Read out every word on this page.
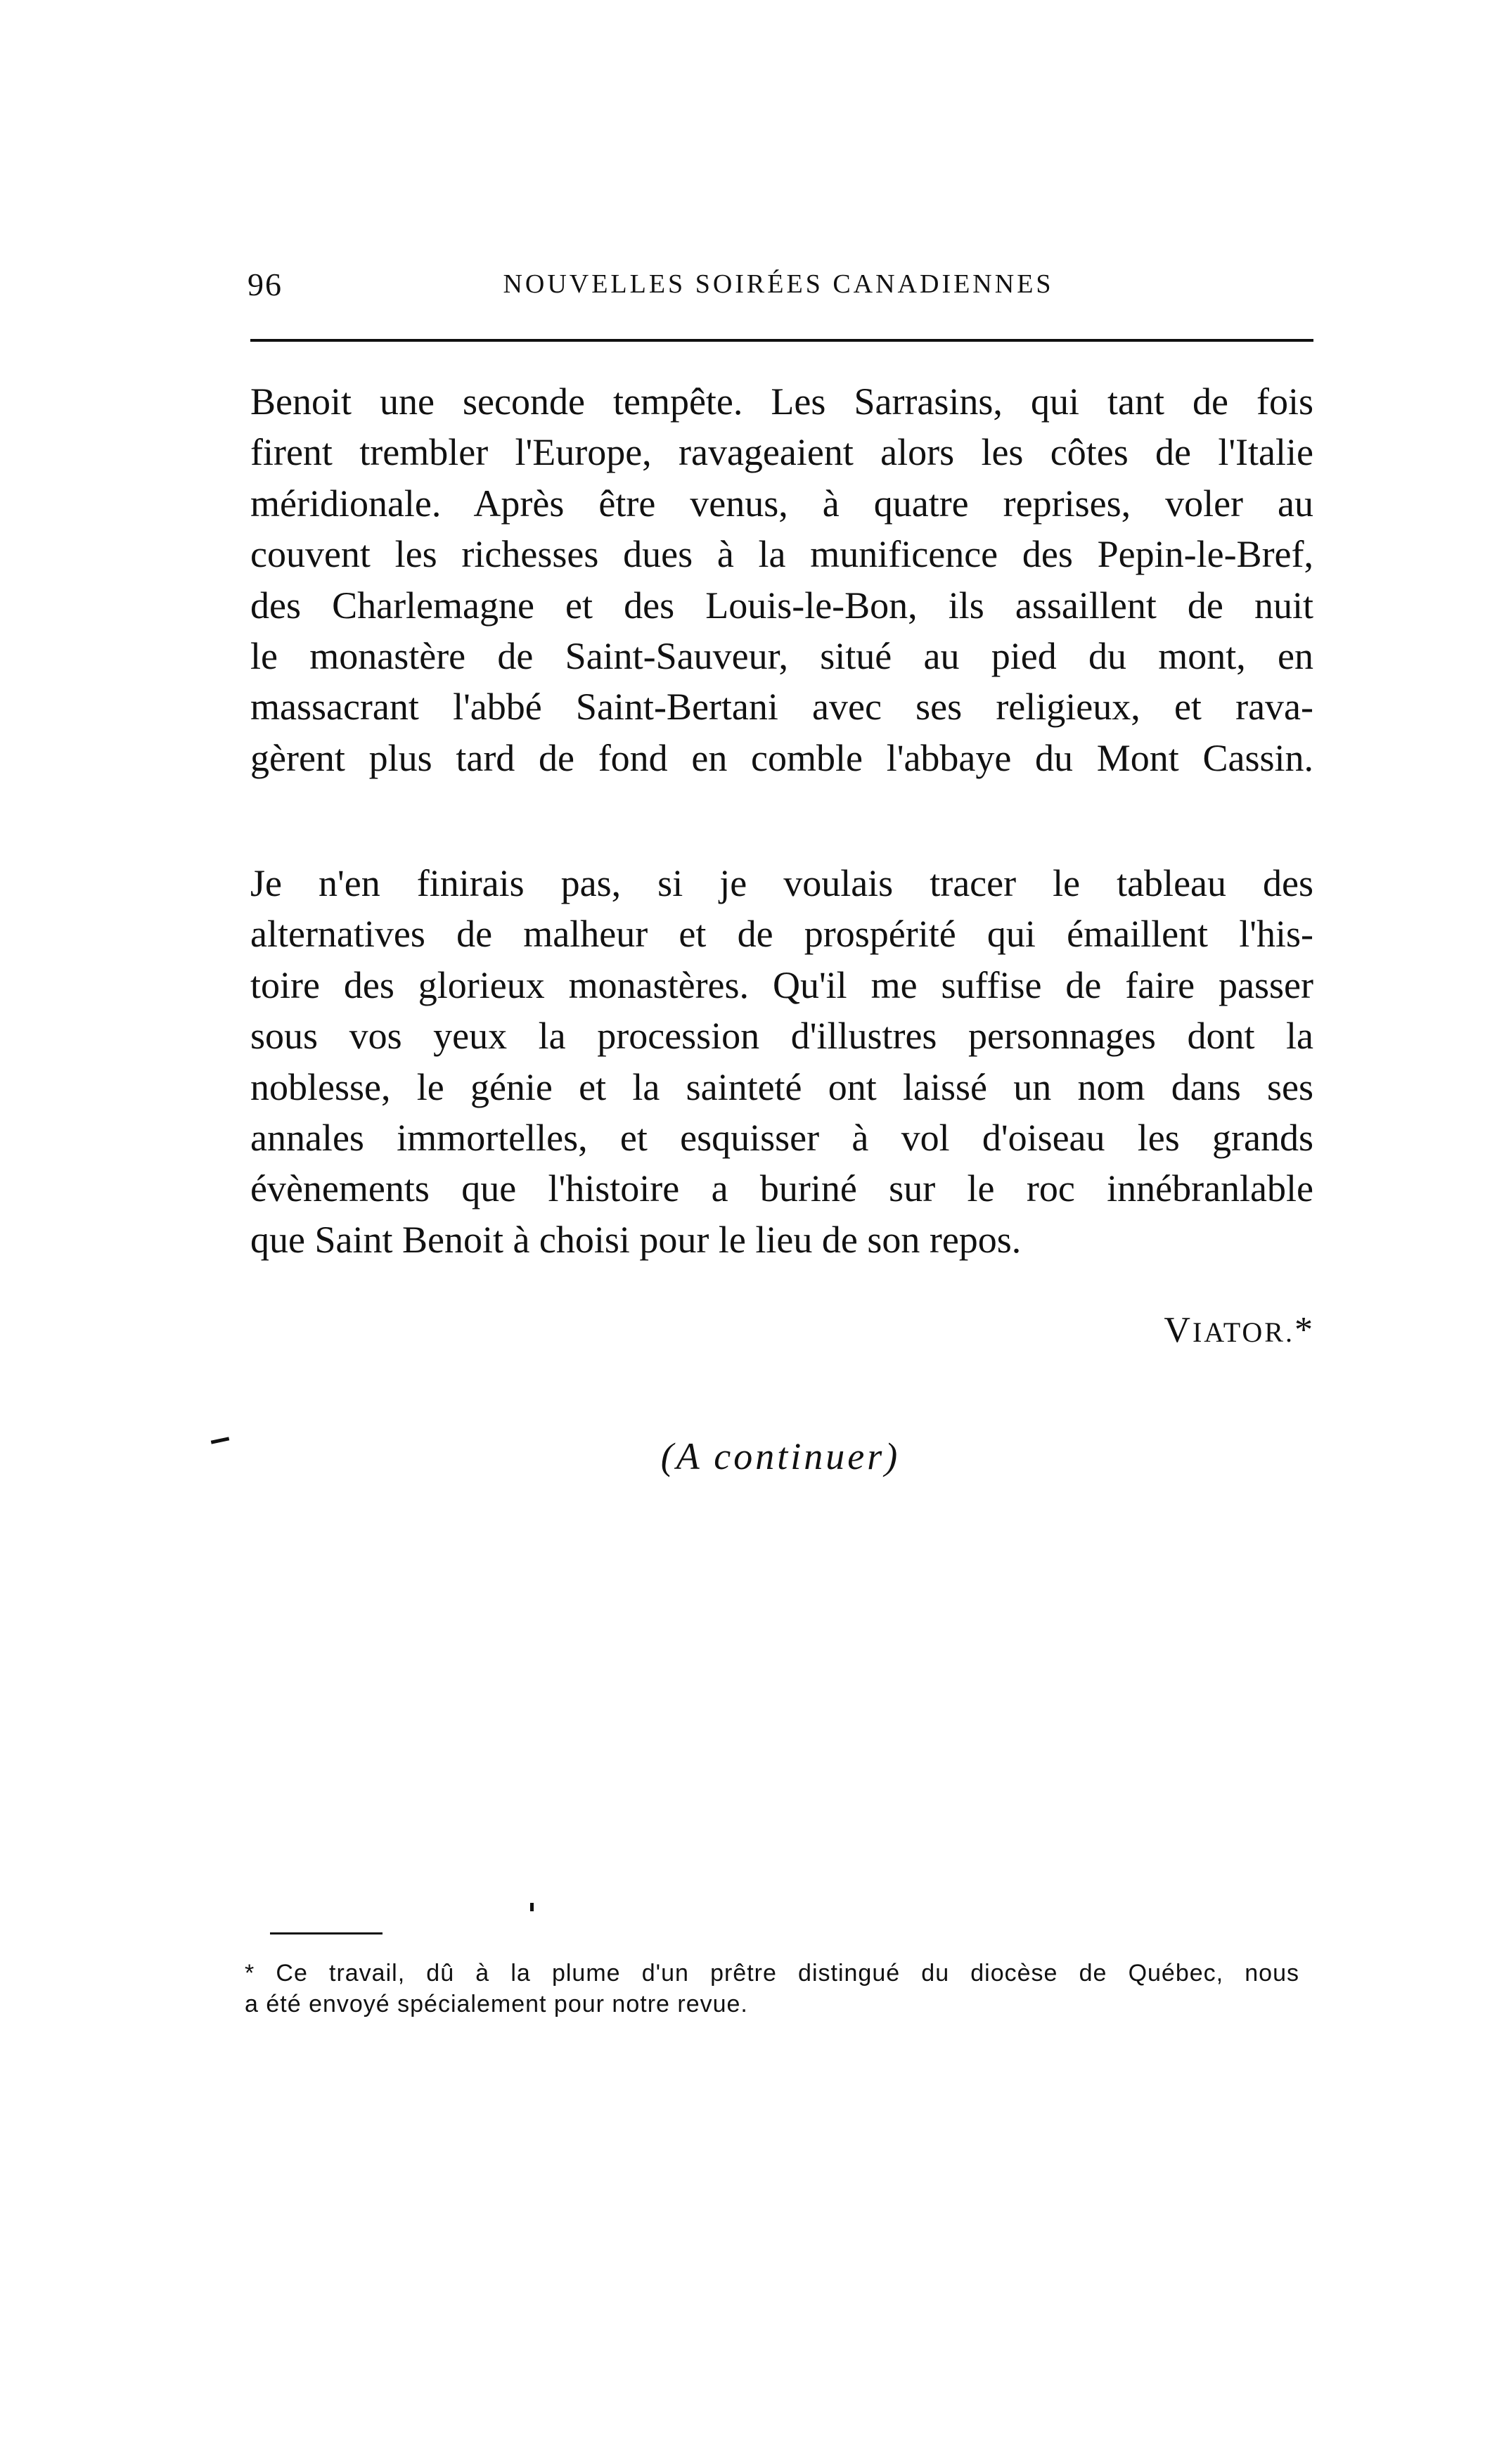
96	NOUVELLES SOIRÉES CANADIENNES

Benoit une seconde tempête. Les Sarrasins, qui tant de fois
firent trembler l'Europe, ravageaient alors les côtes de l'Italie
méridionale. Après être venus, à quatre reprises, voler au
couvent les richesses dues à la munificence des Pepin-le-Bref,
des Charlemagne et des Louis-le-Bon, ils assaillent de nuit
le monastère de Saint-Sauveur, situé au pied du mont, en
massacrant l'abbé Saint-Bertani avec ses religieux, et rava-
gèrent plus tard de fond en comble l'abbaye du Mont Cassin.

Je n'en finirais pas, si je voulais tracer le tableau des
alternatives de malheur et de prospérité qui émaillent l'his-
toire des glorieux monastères. Qu'il me suffise de faire passer
sous vos yeux la procession d'illustres personnages dont la
noblesse, le génie et la sainteté ont laissé un nom dans ses
annales immortelles, et esquisser à vol d'oiseau les grands
évènements que l'histoire a buriné sur le roc innébranlable
que Saint Benoit à choisi pour le lieu de son repos.

VIATOR.*
(A continuer)

* Ce travail, dû à la plume d'un prêtre distingué du diocèse de Québec, nous
a été envoyé spécialement pour notre revue.
